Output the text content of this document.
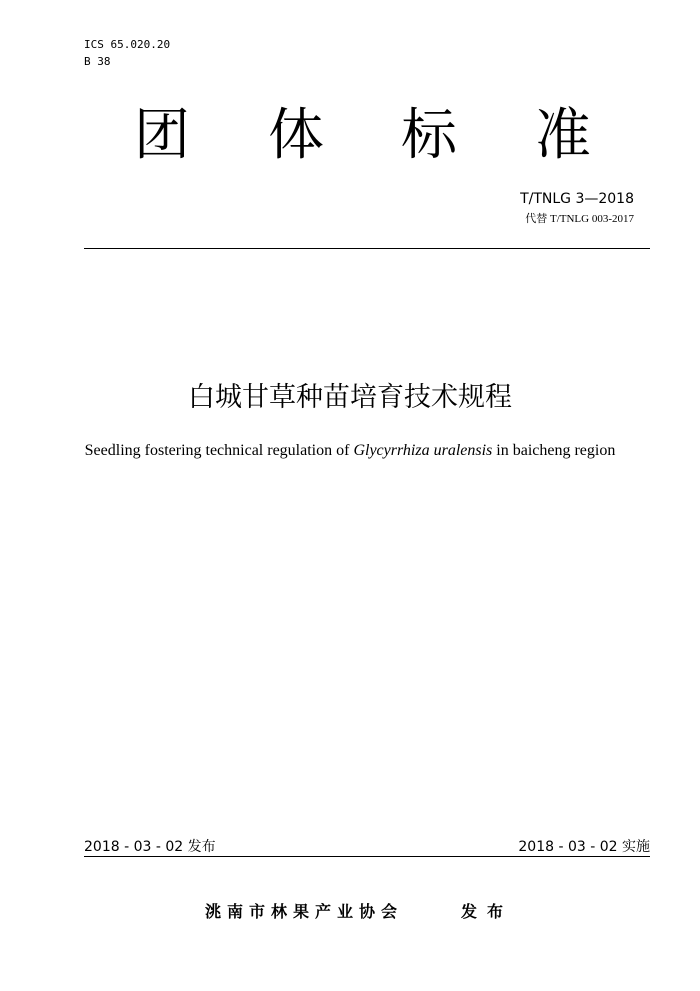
ICS 65.020.20
B 38
团 体 标 准
T/TNLG 3—2018
代替 T/TNLG 003-2017
白城甘草种苗培育技术规程
Seedling fostering technical regulation of Glycyrrhiza uralensis in baicheng region
2018 - 03 - 02 发布	2018 - 03 - 02 实施
洮南市林果产业协会	发布
